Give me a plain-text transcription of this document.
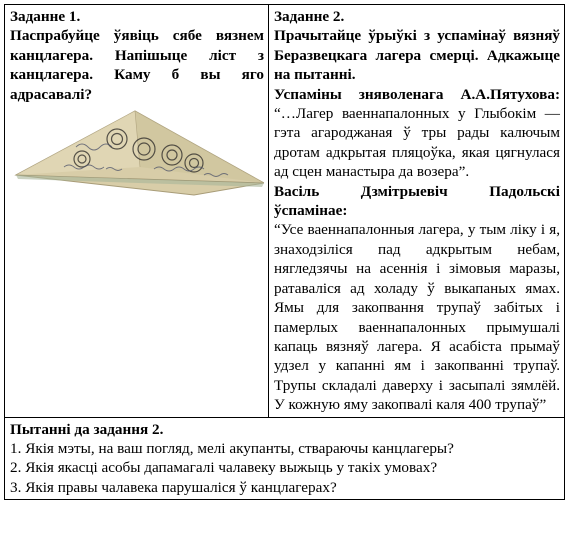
Заданне 1.
Паспрабуйце ўявіць сябе вязнем канцлагера. Напішыце ліст з канцлагера. Каму б вы яго адрасавалі?

Заданне 2.
Прачытайце ўрыўкі з успамінаў вязняў Беразвецкага лагера смерці. Адкажыце на пытанні.
Успаміны зняволенага А.А.Пятухова:
“…Лагер ваеннапалонных у Глыбокім — гэта агароджаная ў тры рады калючым дротам адкрытая пляцоўка, якая цягнулася ад сцен манастыра да возера”.
Васіль Дзмітрыевіч Падольскі ўспамінае:
“Усе ваеннапалонныя лагера, у тым ліку і я, знаходзіліся пад адкрытым небам, нягледзячы на асеннія і зімовыя маразы, ратаваліся ад холаду ў выкапаных ямах. Ямы для закопвання трупаў забітых і памерлых ваеннапалонных прымушалі капаць вязняў лагера. Я асабіста прымаў удзел у капанні ям і закопванні трупаў. Трупы складалі даверху і засыпалі зямлёй. У кожную яму закопвалі каля 400 трупаў”

Пытанні да задання 2.
1. Якія мэты, на ваш погляд, мелі акупанты, ствараючы канцлагеры?
2. Якія якасці асобы дапамагалі чалавеку выжыць у такіх умовах?
3. Якія правы чалавека парушаліся ў канцлагерах?
